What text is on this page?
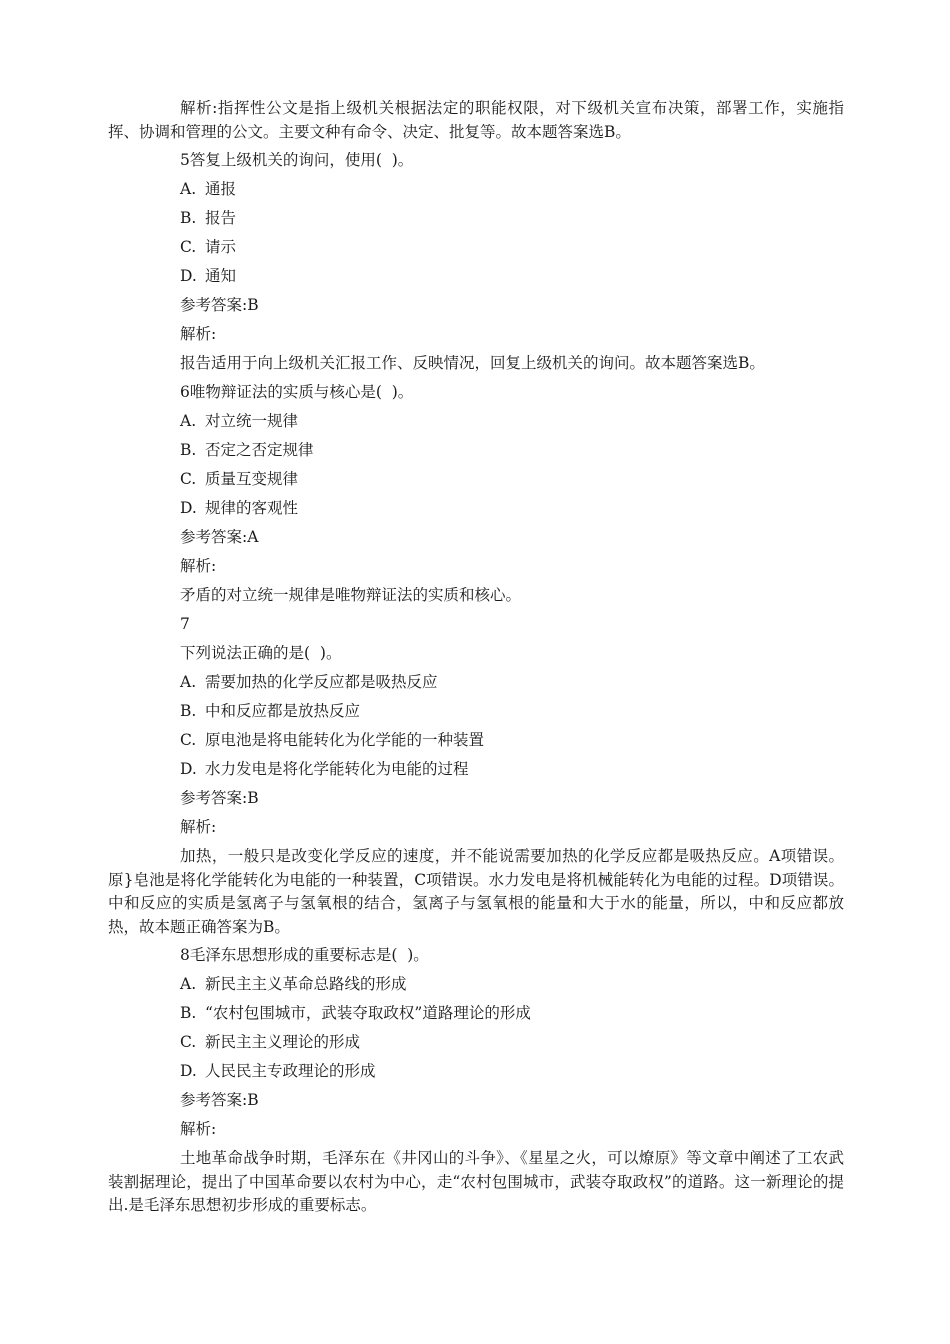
解析:指挥性公文是指上级机关根据法定的职能权限，对下级机关宣布决策，部署工作，实施指挥、协调和管理的公文。主要文种有命令、决定、批复等。故本题答案选B。

5答复上级机关的询问，使用(  )。
A. 通报
B. 报告
C. 请示
D. 通知
参考答案:B
解析:
报告适用于向上级机关汇报工作、反映情况，回复上级机关的询问。故本题答案选B。
6唯物辩证法的实质与核心是(  )。
A. 对立统一规律
B. 否定之否定规律
C. 质量互变规律
D. 规律的客观性
参考答案:A
解析:
矛盾的对立统一规律是唯物辩证法的实质和核心。
7
下列说法正确的是(  )。
A. 需要加热的化学反应都是吸热反应
B. 中和反应都是放热反应
C. 原电池是将电能转化为化学能的一种装置
D. 水力发电是将化学能转化为电能的过程
参考答案:B
解析:

加热，一般只是改变化学反应的速度，并不能说需要加热的化学反应都是吸热反应。A项错误。原}皂池是将化学能转化为电能的一种装置，C项错误。水力发电是将机械能转化为电能的过程。D项错误。中和反应的实质是氢离子与氢氧根的结合，氢离子与氢氧根的能量和大于水的能量，所以，中和反应都放热，故本题正确答案为B。

8毛泽东思想形成的重要标志是(  )。
A. 新民主主义革命总路线的形成
B. “农村包围城市，武装夺取政权”道路理论的形成
C. 新民主主义理论的形成
D. 人民民主专政理论的形成
参考答案:B
解析:

土地革命战争时期，毛泽东在《井冈山的斗争》、《星星之火，可以燎原》等文章中阐述了工农武装割据理论，提出了中国革命要以农村为中心，走“农村包围城市，武装夺取政权”的道路。这一新理论的提出.是毛泽东思想初步形成的重要标志。
